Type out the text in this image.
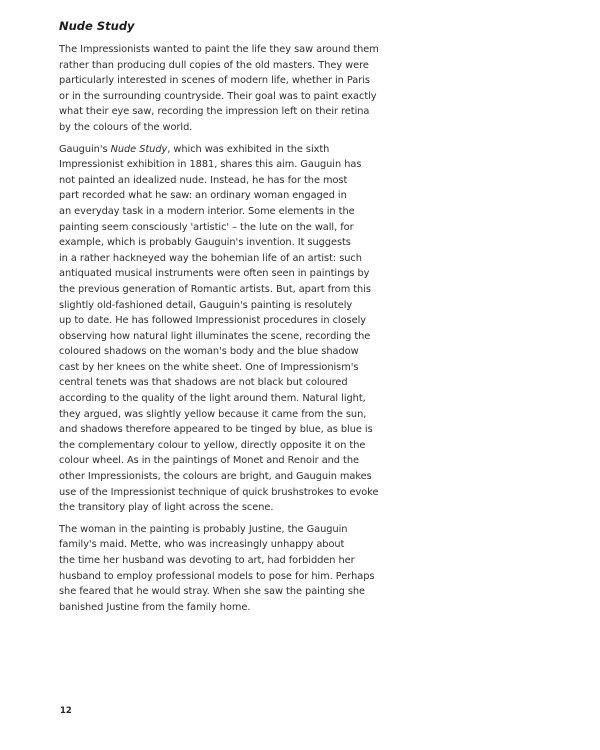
Nude Study

The Impressionists wanted to paint the life they saw around them
rather than producing dull copies of the old masters. They were
particularly interested in scenes of modern life, whether in Paris
or in the surrounding countryside. Their goal was to paint exactly
what their eye saw, recording the impression left on their retina
by the colours of the world.

Gauguin's Nude Study, which was exhibited in the sixth
Impressionist exhibition in 1881, shares this aim. Gauguin has
not painted an idealized nude. Instead, he has for the most
part recorded what he saw: an ordinary woman engaged in
an everyday task in a modern interior. Some elements in the
painting seem consciously 'artistic' – the lute on the wall, for
example, which is probably Gauguin's invention. It suggests
in a rather hackneyed way the bohemian life of an artist: such
antiquated musical instruments were often seen in paintings by
the previous generation of Romantic artists. But, apart from this
slightly old-fashioned detail, Gauguin's painting is resolutely
up to date. He has followed Impressionist procedures in closely
observing how natural light illuminates the scene, recording the
coloured shadows on the woman's body and the blue shadow
cast by her knees on the white sheet. One of Impressionism's
central tenets was that shadows are not black but coloured
according to the quality of the light around them. Natural light,
they argued, was slightly yellow because it came from the sun,
and shadows therefore appeared to be tinged by blue, as blue is
the complementary colour to yellow, directly opposite it on the
colour wheel. As in the paintings of Monet and Renoir and the
other Impressionists, the colours are bright, and Gauguin makes
use of the Impressionist technique of quick brushstrokes to evoke
the transitory play of light across the scene.

The woman in the painting is probably Justine, the Gauguin
family's maid. Mette, who was increasingly unhappy about
the time her husband was devoting to art, had forbidden her
husband to employ professional models to pose for him. Perhaps
she feared that he would stray. When she saw the painting she
banished Justine from the family home.

12
